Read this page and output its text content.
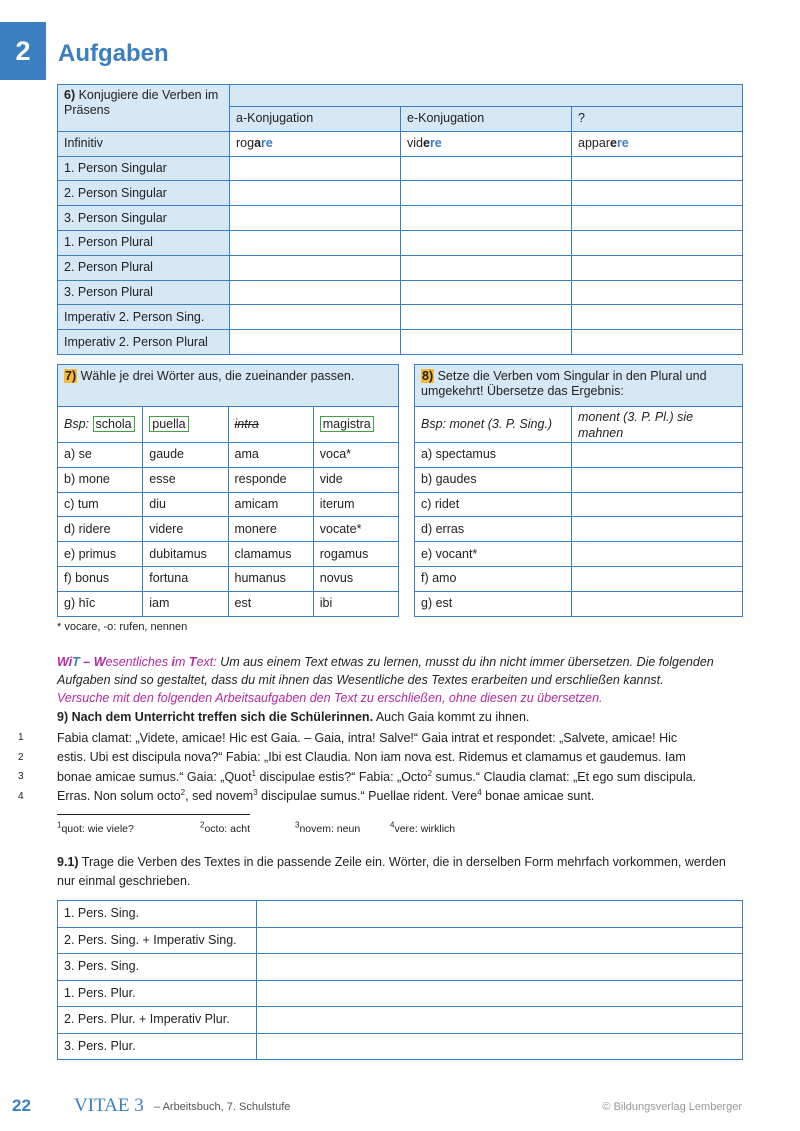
2	Aufgaben
6) Konjugiere die Verben im Präsens			
	a-Konjugation	e-Konjugation	?
Infinitiv	rogare	videre	apparere
1. Person Singular			
2. Person Singular			
3. Person Singular			
1. Person Plural			
2. Person Plural			
3. Person Plural			
Imperativ 2. Person Sing.			
Imperativ 2. Person Plural			
7) Wähle je drei Wörter aus, die zueinander passen.			
Bsp: schola	puella	intra	magistra
a) se	gaude	ama	voca*
b) mone	esse	responde	vide
c) tum	diu	amicam	iterum
d) ridere	videre	monere	vocate*
e) primus	dubitamus	clamamus	rogamus
f) bonus	fortuna	humanus	novus
g) hīc	iam	est	ibi
8) Setze die Verben vom Singular in den Plural und umgekehrt! Übersetze das Ergebnis:	
Bsp: monet (3. P. Sing.)	monent (3. P. Pl.) sie mahnen
a) spectamus	
b) gaudes	
c) ridet	
d) erras	
e) vocant*	
f) amo	
g) est	
* vocare, -o: rufen, nennen
WiT – Wesentliches im Text: Um aus einem Text etwas zu lernen, musst du ihn nicht immer übersetzen. Die folgenden
Aufgaben sind so gestaltet, dass du mit ihnen das Wesentliche des Textes erarbeiten und erschließen kannst.
Versuche mit den folgenden Arbeitsaufgaben den Text zu erschließen, ohne diesen zu übersetzen.
9) Nach dem Unterricht treffen sich die Schülerinnen. Auch Gaia kommt zu ihnen.
1	Fabia clamat: „Videte, amicae! Hic est Gaia. – Gaia, intra! Salve!“ Gaia intrat et respondet: „Salvete, amicae! Hic
2	estis. Ubi est discipula nova?“ Fabia: „Ibi est Claudia. Non iam nova est. Ridemus et clamamus et gaudemus. Iam
3	bonae amicae sumus.“ Gaia: „Quot$^1$ discipulae estis?“ Fabia: „Octo$^2$ sumus.“ Claudia clamat: „Et ego sum discipula.
4	Erras. Non solum octo$^2$, sed novem$^3$ discipulae sumus.“ Puellae rident. Vere$^4$ bonae amicae sunt.
$^1$quot: wie viele?	$^2$octo: acht	$^3$novem: neun	$^4$vere: wirklich
9.1) Trage die Verben des Textes in die passende Zeile ein. Wörter, die in derselben Form mehrfach vorkommen, werden nur einmal geschrieben.
1. Pers. Sing.	
2. Pers. Sing. + Imperativ Sing.	
3. Pers. Sing.	
1. Pers. Plur.	
2. Pers. Plur. + Imperativ Plur.	
3. Pers. Plur.	
22 VITAE 3 – Arbeitsbuch, 7. Schulstufe	© Bildungsverlag Lemberger
